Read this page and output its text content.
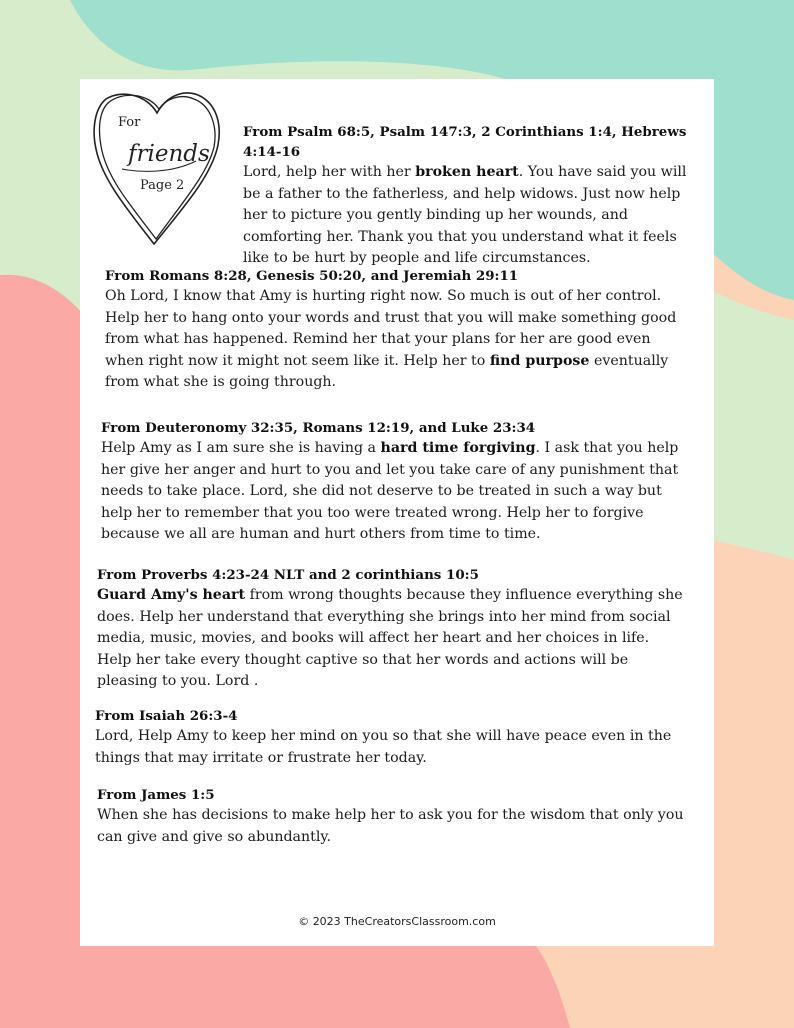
For
friends
Page 2
From Psalm 68:5, Psalm 147:3, 2 Corinthians 1:4, Hebrews 4:14-16

Lord, help her with her broken heart. You have said you will be a father to the fatherless, and help widows. Just now help her to picture you gently binding up her wounds, and comforting her. Thank you that you understand what it feels like to be hurt by people and life circumstances.

From Romans 8:28, Genesis 50:20, and Jeremiah 29:11

Oh Lord, I know that Amy is hurting right now. So much is out of her control. Help her to hang onto your words and trust that you will make something good from what has happened. Remind her that your plans for her are good even when right now it might not seem like it. Help her to find purpose eventually from what she is going through.

From Deuteronomy 32:35, Romans 12:19, and Luke 23:34

Help Amy as I am sure she is having a hard time forgiving. I ask that you help her give her anger and hurt to you and let you take care of any punishment that needs to take place. Lord, she did not deserve to be treated in such a way but help her to remember that you too were treated wrong. Help her to forgive because we all are human and hurt others from time to time.

From Proverbs 4:23-24 NLT and 2 corinthians 10:5

Guard Amy's heart from wrong thoughts because they influence everything she does. Help her understand that everything she brings into her mind from social media, music, movies, and books will affect her heart and her choices in life. Help her take every thought captive so that her words and actions will be pleasing to you. Lord .

From Isaiah 26:3-4

Lord, Help Amy to keep her mind on you so that she will have peace even in the things that may irritate or frustrate her today.

From James 1:5

When she has decisions to make help her to ask you for the wisdom that only you can give and give so abundantly.

© 2023 TheCreatorsClassroom.com
